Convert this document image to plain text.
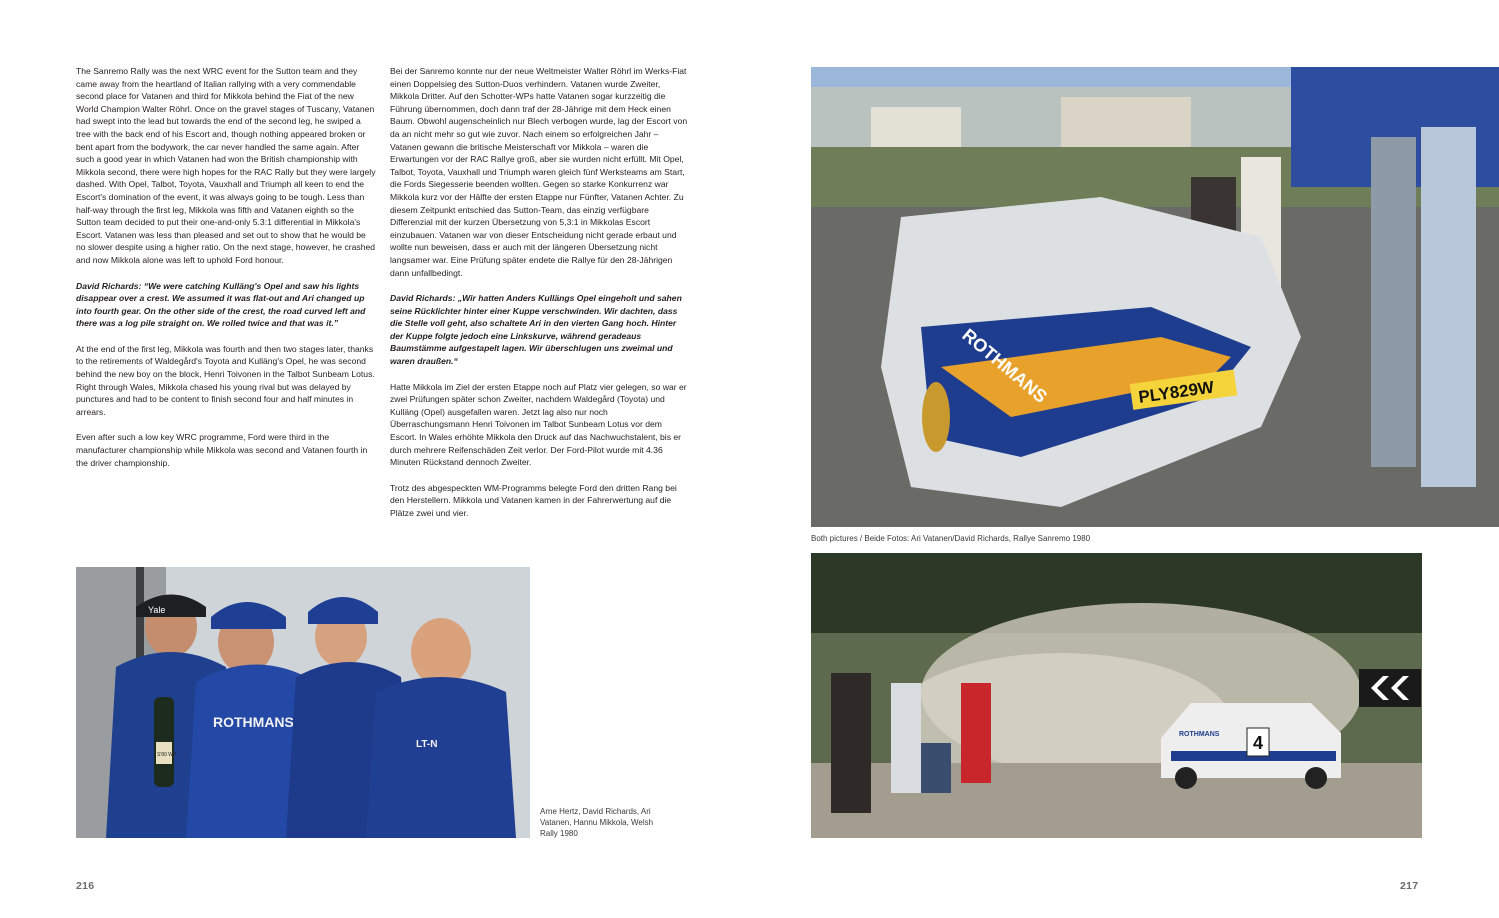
The Sanremo Rally was the next WRC event for the Sutton team and they came away from the heartland of Italian rallying with a very commendable second place for Vatanen and third for Mikkola behind the Fiat of the new World Champion Walter Röhrl. Once on the gravel stages of Tuscany, Vatanen had swept into the lead but towards the end of the second leg, he swiped a tree with the back end of his Escort and, though nothing appeared broken or bent apart from the bodywork, the car never handled the same again. After such a good year in which Vatanen had won the British championship with Mikkola second, there were high hopes for the RAC Rally but they were largely dashed. With Opel, Talbot, Toyota, Vauxhall and Triumph all keen to end the Escort's domination of the event, it was always going to be tough. Less than half-way through the first leg, Mikkola was fifth and Vatanen eighth so the Sutton team decided to put their one-and-only 5.3:1 differential in Mikkola's Escort. Vatanen was less than pleased and set out to show that he would be no slower despite using a higher ratio. On the next stage, however, he crashed and now Mikkola alone was left to uphold Ford honour.

David Richards: “We were catching Kulläng's Opel and saw his lights disappear over a crest. We assumed it was flat-out and Ari changed up into fourth gear. On the other side of the crest, the road curved left and there was a log pile straight on. We rolled twice and that was it.”

At the end of the first leg, Mikkola was fourth and then two stages later, thanks to the retirements of Waldegård's Toyota and Kulläng's Opel, he was second behind the new boy on the block, Henri Toivonen in the Talbot Sunbeam Lotus. Right through Wales, Mikkola chased his young rival but was delayed by punctures and had to be content to finish second four and half minutes in arrears.

Even after such a low key WRC programme, Ford were third in the manufacturer championship while Mikkola was second and Vatanen fourth in the driver championship.

Bei der Sanremo konnte nur der neue Weltmeister Walter Röhrl im Werks-Fiat einen Doppelsieg des Sutton-Duos verhindern. Vatanen wurde Zweiter, Mikkola Dritter. Auf den Schotter-WPs hatte Vatanen sogar kurzzeitig die Führung übernommen, doch dann traf der 28-Jährige mit dem Heck einen Baum. Obwohl augenscheinlich nur Blech verbogen wurde, lag der Escort von da an nicht mehr so gut wie zuvor. Nach einem so erfolgreichen Jahr – Vatanen gewann die britische Meisterschaft vor Mikkola – waren die Erwartungen vor der RAC Rallye groß, aber sie wurden nicht erfüllt. Mit Opel, Talbot, Toyota, Vauxhall und Triumph waren gleich fünf Werksteams am Start, die Fords Siegesserie beenden wollten. Gegen so starke Konkurrenz war Mikkola kurz vor der Hälfte der ersten Etappe nur Fünfter, Vatanen Achter. Zu diesem Zeitpunkt entschied das Sutton-Team, das einzig verfügbare Differenzial mit der kurzen Übersetzung von 5,3:1 in Mikkolas Escort einzubauen. Vatanen war von dieser Entscheidung nicht gerade erbaut und wollte nun beweisen, dass er auch mit der längeren Übersetzung nicht langsamer war. Eine Prüfung später endete die Rallye für den 28-Jährigen dann unfallbedingt.

David Richards: „Wir hatten Anders Kullängs Opel eingeholt und sahen seine Rücklichter hinter einer Kuppe verschwinden. Wir dachten, dass die Stelle voll geht, also schaltete Ari in den vierten Gang hoch. Hinter der Kuppe folgte jedoch eine Linkskurve, während geradeaus Baumstämme aufgestapelt lagen. Wir überschlugen uns zweimal und waren draußen.“

Hatte Mikkola im Ziel der ersten Etappe noch auf Platz vier gelegen, so war er zwei Prüfungen später schon Zweiter, nachdem Waldegård (Toyota) und Kulläng (Opel) ausgefallen waren. Jetzt lag also nur noch Überraschungsmann Henri Toivonen im Talbot Sunbeam Lotus vor dem Escort. In Wales erhöhte Mikkola den Druck auf das Nachwuchstalent, bis er durch mehrere Reifenschäden Zeit verlor. Der Ford-Pilot wurde mit 4.36 Minuten Rückstand dennoch Zweiter.

Trotz des abgespeckten WM-Programms belegte Ford den dritten Rang bei den Herstellern. Mikkola und Vatanen kamen in der Fahrerwertung auf die Plätze zwei und vier.

Yale
ROTHMANS
LT-N
S'80 WP
Arne Hertz, David Richards, Ari Vatanen, Hannu Mikkola, Welsh Rally 1980
216
ROTHMANS	PLY829W
Both pictures / Beide Fotos: Ari Vatanen/David Richards, Rallye Sanremo 1980
ROTHMANS 4
217
